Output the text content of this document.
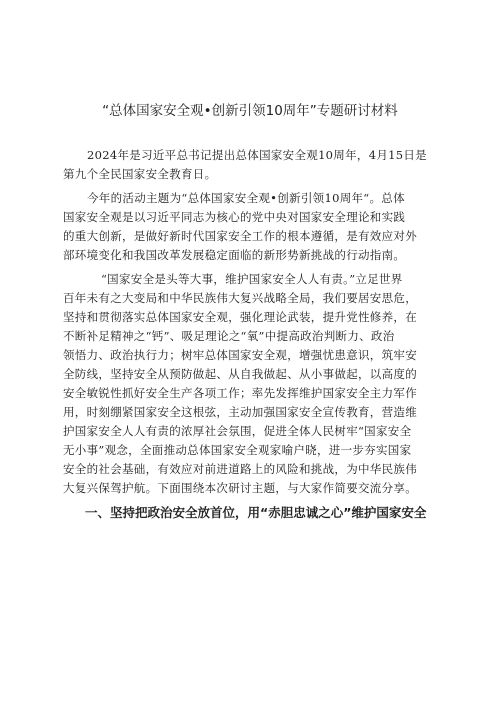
“总体国家安全观•创新引领10周年”专题研讨材料
2024年是习近平总书记提出总体国家安全观10周年，4月15日是
第九个全民国家安全教育日。
今年的活动主题为“总体国家安全观•创新引领10周年“。总体
国家安全观是以习近平同志为核心的党中央对国家安全理论和实践
的重大创新，是做好新时代国家安全工作的根本遵循，是有效应对外
部环境变化和我国改革发展稳定面临的新形势新挑战的行动指南。
“国家安全是头等大事，维护国家安全人人有责。”立足世界
百年未有之大变局和中华民族伟大复兴战略全局，我们要居安思危，
坚持和贯彻落实总体国家安全观，强化理论武装，提升党性修养，在
不断补足精神之“钙”、吸足理论之“氧”中提高政治判断力、政治
领悟力、政治执行力；树牢总体国家安全观，增强忧患意识，筑牢安
全防线，坚持安全从预防做起、从自我做起、从小事做起，以高度的
安全敏锐性抓好安全生产各项工作；率先发挥维护国家安全主力军作
用，时刻绷紧国家安全这根弦，主动加强国家安全宣传教育，营造维
护国家安全人人有责的浓厚社会氛围，促进全体人民树牢“国家安全
无小事”观念，全面推动总体国家安全观家喻户晓，进一步夯实国家
安全的社会基础，有效应对前进道路上的风险和挑战，为中华民族伟
大复兴保驾护航。下面围绕本次研讨主题，与大家作简要交流分享。
一、坚持把政治安全放首位，用“赤胆忠诚之心”维护国家安全
